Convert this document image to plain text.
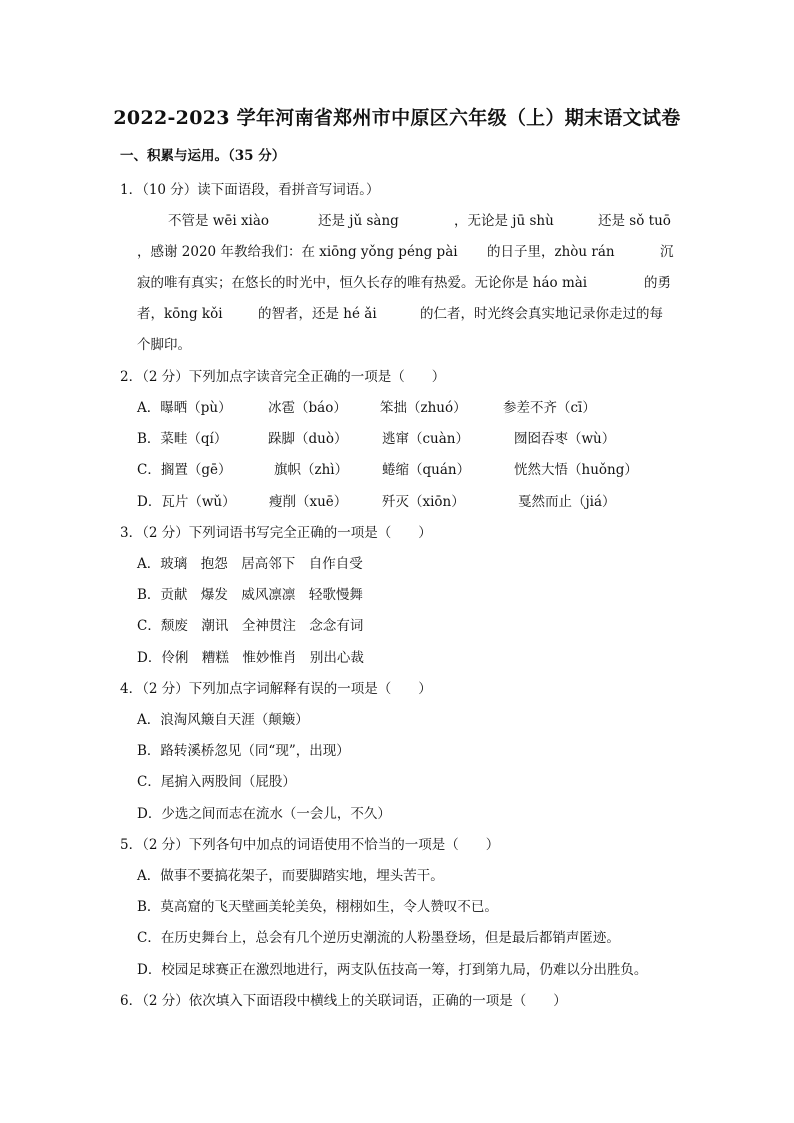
2022-2023 学年河南省郑州市中原区六年级（上）期末语文试卷
一、积累与运用。（35 分）
1．（10 分）读下面语段，看拼音写词语。）
不管是 wēi xiào	还是 jǔ sàng	，无论是 jū shù	还是 sǒ tuō
，感谢 2020 年教给我们：在 xiōng yǒng péng pài 的日子里，zhòu rán	沉
寂的唯有真实；在悠长的时光中，恒久长存的唯有热爱。无论你是 háo mài	的勇
者，kōng kǒi	的智者，还是 hé ǎi	的仁者，时光终会真实地记录你走过的每
个脚印。
2．（2 分）下列加点字读音完全正确的一项是（　　）
A．曝晒（pù）	冰雹（báo） 笨拙（zhuó）	参差不齐（cī）
B．菜畦（qí）	跺脚（duò）	逃窜（cuàn）	囫囵吞枣（wù）
C．搁置（gē）	旗帜（zhì）	蜷缩（quán）	恍然大悟（huǒng）
D．瓦片（wǔ） 瘦削（xuē）	歼灭（xiōn）	戛然而止（jiá）
3．（2 分）下列词语书写完全正确的一项是（　　）
A．玻璃　抱怨　居高邻下　自作自受
B．贡献　爆发　威风凛凛　轻歌慢舞
C．颓废　潮讯　全神贯注　念念有词
D．伶俐　糟糕　惟妙惟肖　别出心裁
4．（2 分）下列加点字词解释有误的一项是（　　）
A．浪淘风簸自天涯（颠簸）
B．路转溪桥忽见（同“现”，出现）
C．尾掮入两股间（屁股）
D．少选之间而志在流水（一会儿，不久）
5．（2 分）下列各句中加点的词语使用不恰当的一项是（　　）
A．做事不要搞花架子，而要脚踏实地，埋头苦干。
B．莫高窟的飞天壁画美轮美奂，栩栩如生，令人赞叹不已。
C．在历史舞台上，总会有几个逆历史潮流的人粉墨登场，但是最后都销声匿迹。
D．校园足球赛正在激烈地进行，两支队伍技高一筹，打到第九局，仍难以分出胜负。
6．（2 分）依次填入下面语段中横线上的关联词语，正确的一项是（　　）
